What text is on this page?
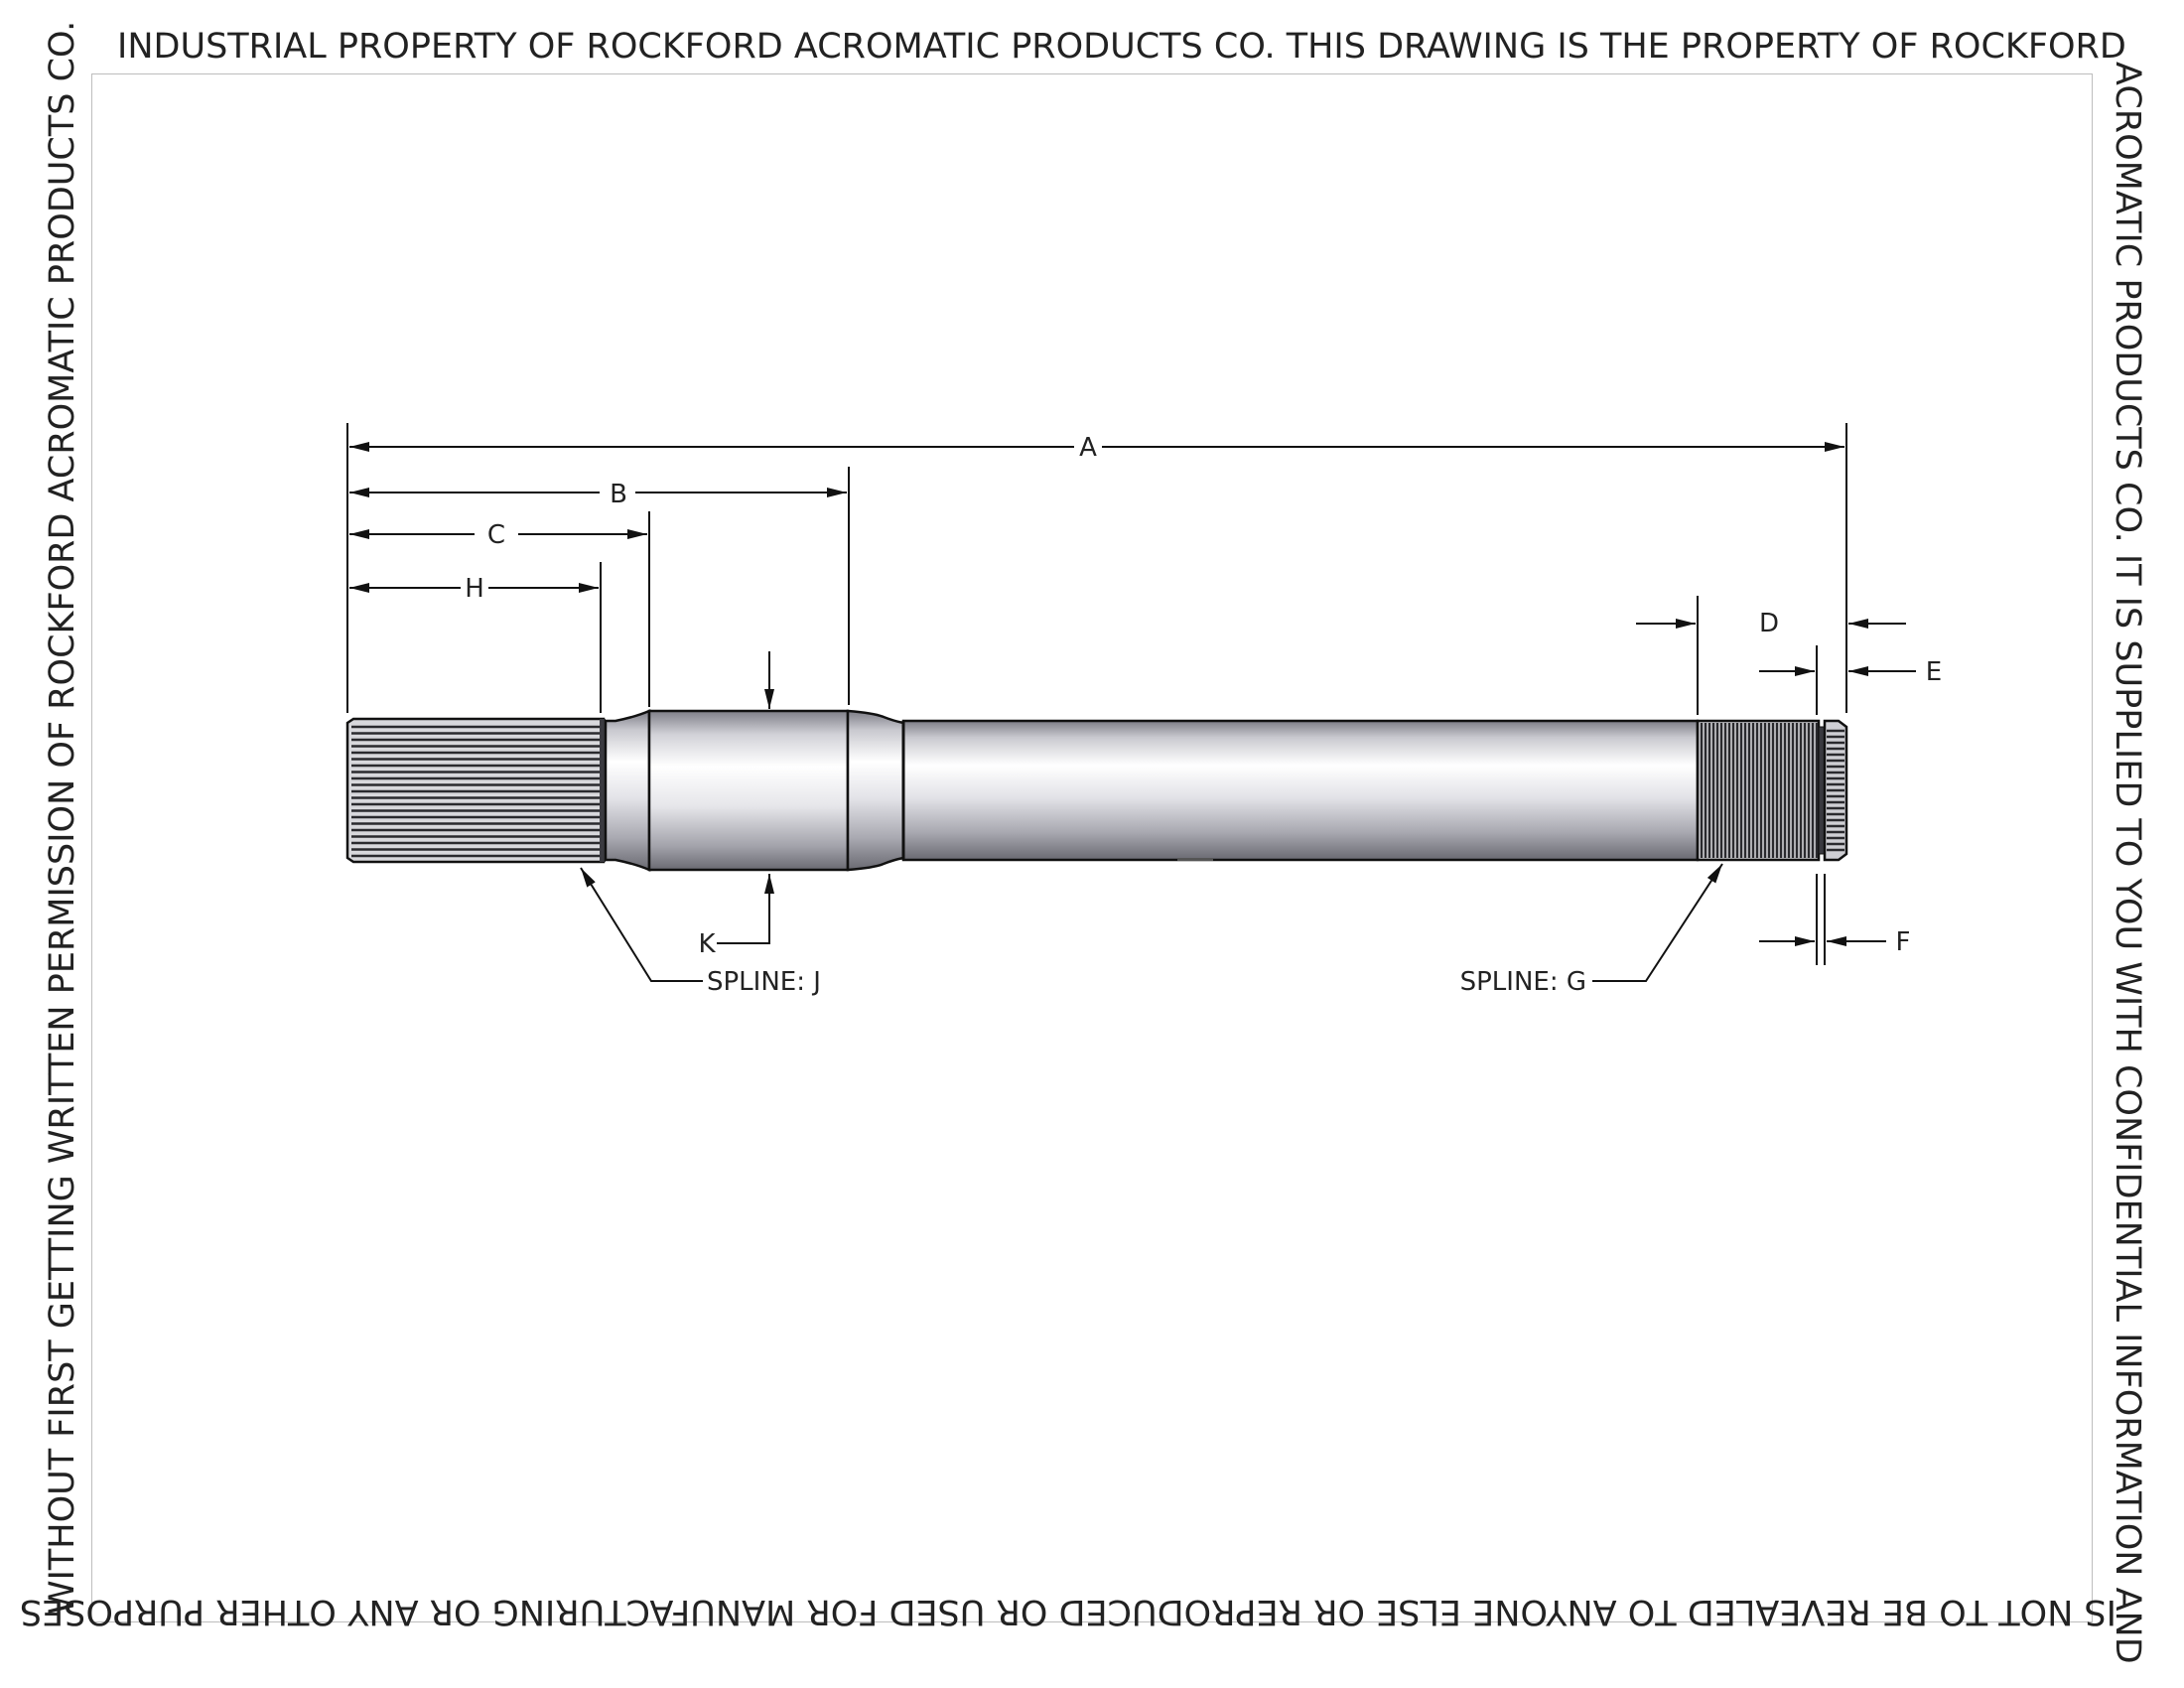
INDUSTRIAL PROPERTY OF ROCKFORD ACROMATIC PRODUCTS CO. THIS DRAWING IS THE PROPERTY OF ROCKFORD
WITHOUT FIRST GETTING WRITTEN PERMISSION OF ROCKFORD ACROMATIC PRODUCTS CO.	ACROMATIC PRODUCTS CO. IT IS SUPPLIED TO YOU WITH CONFIDENTIAL INFORMATION AND
IS NOT TO BE REVEALED TO ANYONE ELSE OR REPRODUCED OR USED FOR MANUFACTURING OR ANY OTHER PURPOSES
A
B
C
H
D
E
F
K
SPLINE: J	SPLINE: G
